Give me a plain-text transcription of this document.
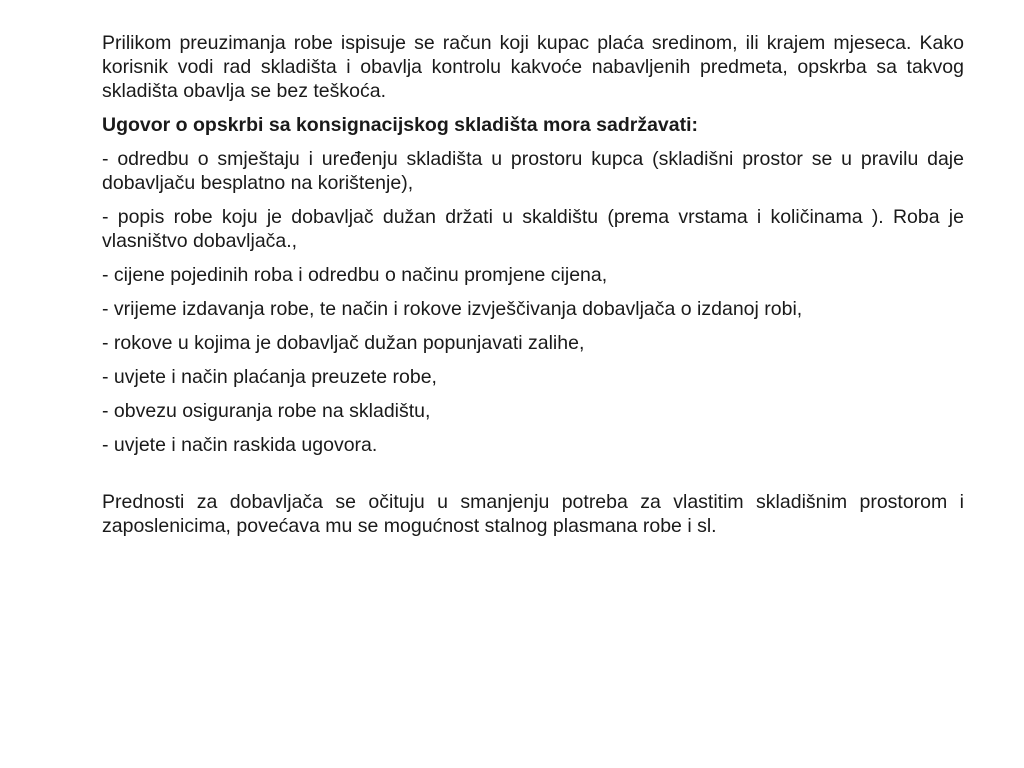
Prilikom preuzimanja robe ispisuje se račun koji kupac plaća sredinom, ili krajem mjeseca. Kako korisnik vodi rad skladišta i obavlja kontrolu kakvoće nabavljenih predmeta, opskrba sa takvog skladišta obavlja se bez teškoća.

Ugovor o opskrbi sa konsignacijskog skladišta mora sadržavati:

- odredbu o smještaju i uređenju skladišta u prostoru kupca (skladišni prostor se u pravilu daje dobavljaču besplatno na korištenje),

- popis robe koju je dobavljač dužan držati u skaldištu (prema vrstama i količinama ). Roba je vlasništvo dobavljača.,

- cijene pojedinih roba i odredbu o načinu promjene cijena,

- vrijeme izdavanja robe, te način i rokove izvješčivanja dobavljača o izdanoj robi,

- rokove u kojima je dobavljač dužan popunjavati zalihe,

- uvjete i način plaćanja preuzete robe,

- obvezu osiguranja robe na skladištu,

- uvjete i način raskida ugovora.

Prednosti za dobavljača se očituju u smanjenju potreba za vlastitim skladišnim prostorom i zaposlenicima, povećava mu se mogućnost stalnog plasmana robe i sl.
